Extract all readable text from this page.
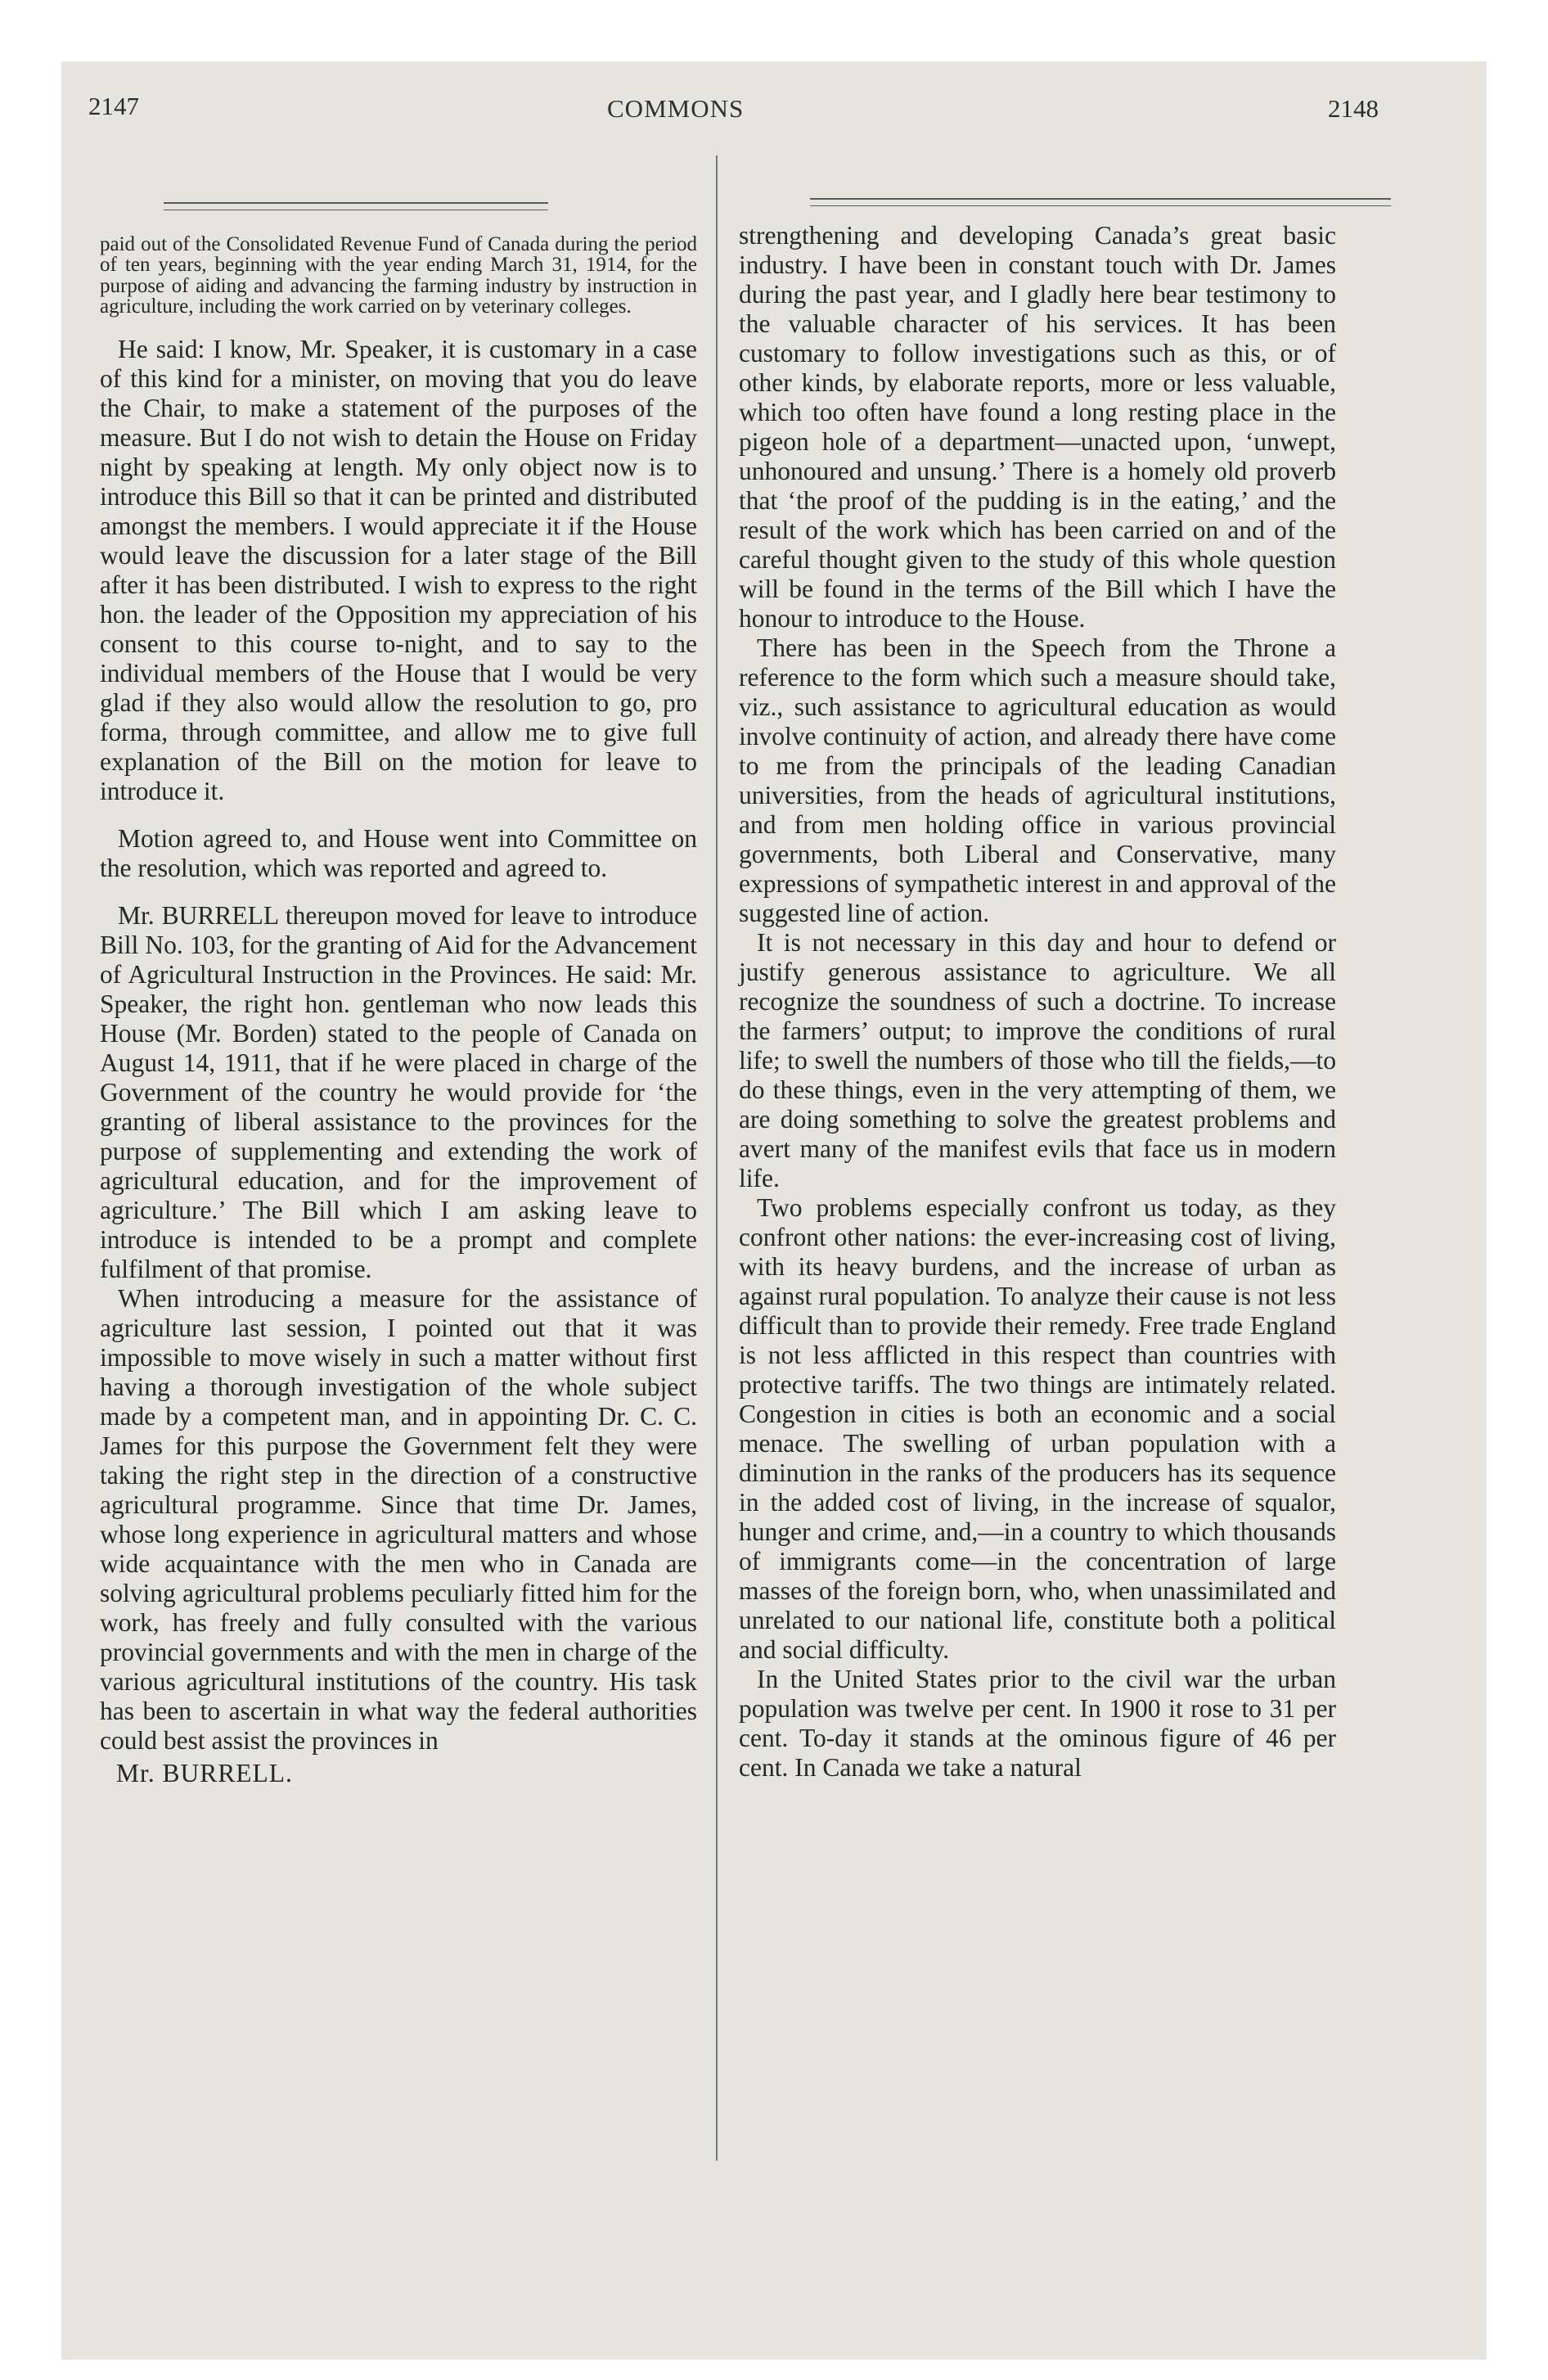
2147	COMMONS	2148

paid out of the Consolidated Revenue Fund of Canada during the period of ten years, beginning with the year ending March 31, 1914, for the purpose of aiding and advancing the farming industry by instruction in agriculture, including the work carried on by veterinary colleges.

He said: I know, Mr. Speaker, it is customary in a case of this kind for a minister, on moving that you do leave the Chair, to make a statement of the purposes of the measure. But I do not wish to detain the House on Friday night by speaking at length. My only object now is to introduce this Bill so that it can be printed and distributed amongst the members. I would appreciate it if the House would leave the discussion for a later stage of the Bill after it has been distributed. I wish to express to the right hon. the leader of the Opposition my appreciation of his consent to this course to-night, and to say to the individual members of the House that I would be very glad if they also would allow the resolution to go, pro forma, through committee, and allow me to give full explanation of the Bill on the motion for leave to introduce it.

Motion agreed to, and House went into Committee on the resolution, which was reported and agreed to.

Mr. BURRELL thereupon moved for leave to introduce Bill No. 103, for the granting of Aid for the Advancement of Agricultural Instruction in the Provinces. He said: Mr. Speaker, the right hon. gentleman who now leads this House (Mr. Borden) stated to the people of Canada on August 14, 1911, that if he were placed in charge of the Government of the country he would provide for ‘the granting of liberal assistance to the provinces for the purpose of supplementing and extending the work of agricultural education, and for the improvement of agriculture.’ The Bill which I am asking leave to introduce is intended to be a prompt and complete fulfilment of that promise.

When introducing a measure for the assistance of agriculture last session, I pointed out that it was impossible to move wisely in such a matter without first having a thorough investigation of the whole subject made by a competent man, and in appointing Dr. C. C. James for this purpose the Government felt they were taking the right step in the direction of a constructive agricultural programme. Since that time Dr. James, whose long experience in agricultural matters and whose wide acquaintance with the men who in Canada are solving agricultural problems peculiarly fitted him for the work, has freely and fully consulted with the various provincial governments and with the men in charge of the various agricultural institutions of the country. His task has been to ascertain in what way the federal authorities could best assist the provinces in

Mr. BURRELL.

strengthening and developing Canada’s great basic industry. I have been in constant touch with Dr. James during the past year, and I gladly here bear testimony to the valuable character of his services. It has been customary to follow investigations such as this, or of other kinds, by elaborate reports, more or less valuable, which too often have found a long resting place in the pigeon hole of a department—unacted upon, ‘unwept, unhonoured and unsung.’ There is a homely old proverb that ‘the proof of the pudding is in the eating,’ and the result of the work which has been carried on and of the careful thought given to the study of this whole question will be found in the terms of the Bill which I have the honour to introduce to the House.

There has been in the Speech from the Throne a reference to the form which such a measure should take, viz., such assistance to agricultural education as would involve continuity of action, and already there have come to me from the principals of the leading Canadian universities, from the heads of agricultural institutions, and from men holding office in various provincial governments, both Liberal and Conservative, many expressions of sympathetic interest in and approval of the suggested line of action.

It is not necessary in this day and hour to defend or justify generous assistance to agriculture. We all recognize the soundness of such a doctrine. To increase the farmers’ output; to improve the conditions of rural life; to swell the numbers of those who till the fields,—to do these things, even in the very attempting of them, we are doing something to solve the greatest problems and avert many of the manifest evils that face us in modern life.

Two problems especially confront us today, as they confront other nations: the ever-increasing cost of living, with its heavy burdens, and the increase of urban as against rural population. To analyze their cause is not less difficult than to provide their remedy. Free trade England is not less afflicted in this respect than countries with protective tariffs. The two things are intimately related. Congestion in cities is both an economic and a social menace. The swelling of urban population with a diminution in the ranks of the producers has its sequence in the added cost of living, in the increase of squalor, hunger and crime, and,—in a country to which thousands of immigrants come—in the concentration of large masses of the foreign born, who, when unassimilated and unrelated to our national life, constitute both a political and social difficulty.

In the United States prior to the civil war the urban population was twelve per cent. In 1900 it rose to 31 per cent. To-day it stands at the ominous figure of 46 per cent. In Canada we take a natural
